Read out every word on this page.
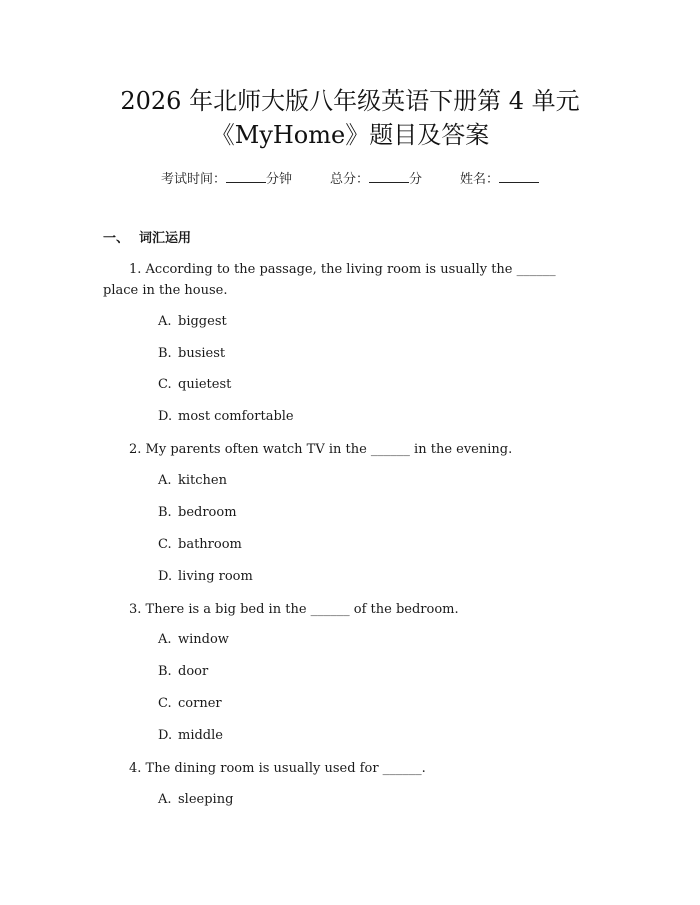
2026 年北师大版八年级英语下册第 4 单元
《MyHome》题目及答案
考试时间：	分钟	总分：	分	姓名：
一、 词汇运用
1. According to the passage, the living room is usually the ______ place in the house.
A. biggest
B. busiest
C. quietest
D. most comfortable
2. My parents often watch TV in the ______ in the evening.
A. kitchen
B. bedroom
C. bathroom
D. living room
3. There is a big bed in the ______ of the bedroom.
A. window
B. door
C. corner
D. middle
4. The dining room is usually used for ______.
A. sleeping
